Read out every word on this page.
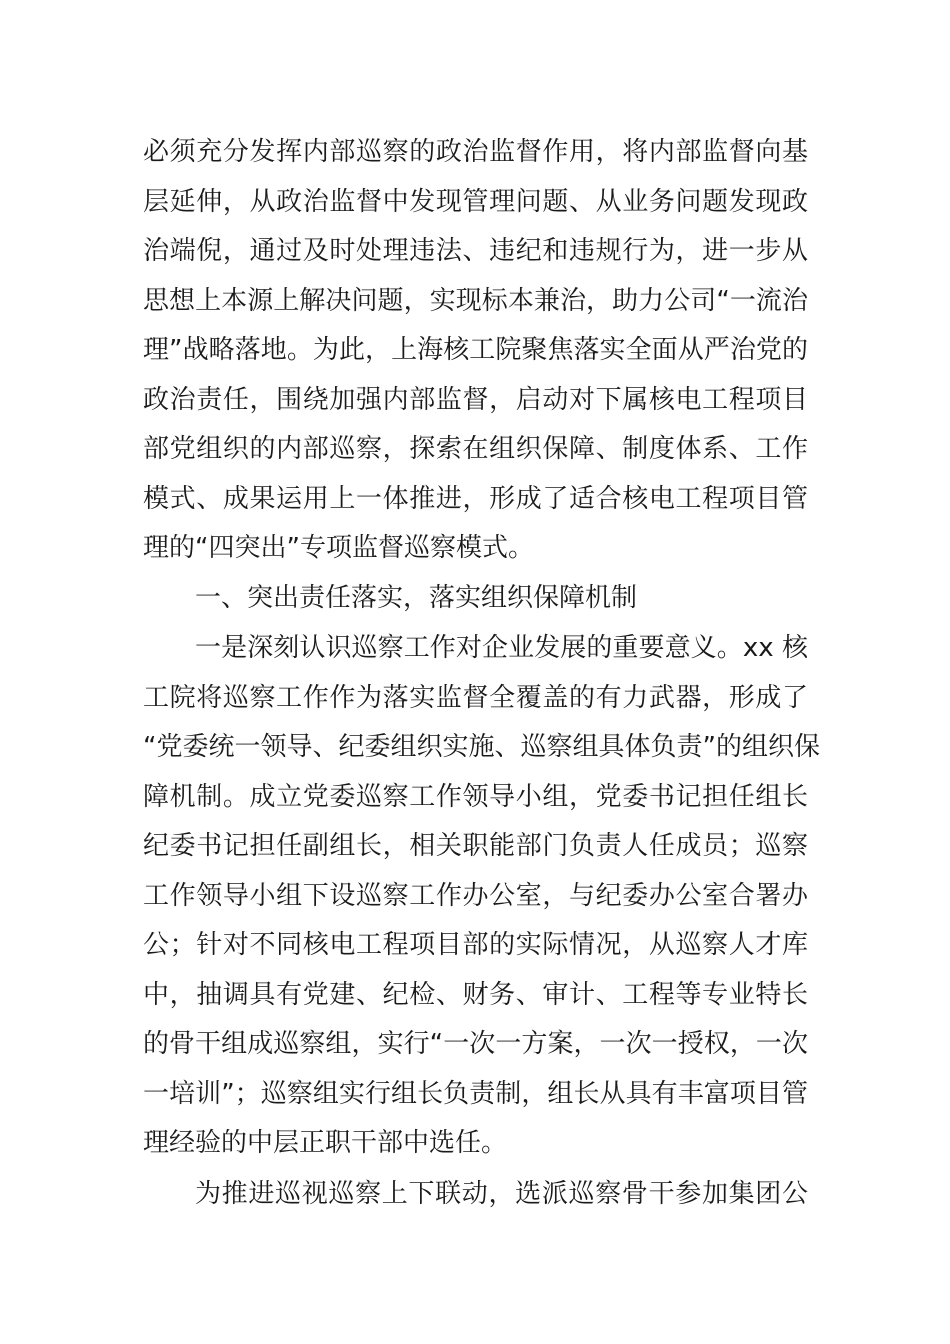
必须充分发挥内部巡察的政治监督作用，将内部监督向基
层延伸，从政治监督中发现管理问题、从业务问题发现政
治端倪，通过及时处理违法、违纪和违规行为，进一步从
思想上本源上解决问题，实现标本兼治，助力公司“一流治
理”战略落地。为此，上海核工院聚焦落实全面从严治党的
政治责任，围绕加强内部监督，启动对下属核电工程项目
部党组织的内部巡察，探索在组织保障、制度体系、工作
模式、成果运用上一体推进，形成了适合核电工程项目管
理的“四突出”专项监督巡察模式。
一、突出责任落实，落实组织保障机制
一是深刻认识巡察工作对企业发展的重要意义。xx 核
工院将巡察工作作为落实监督全覆盖的有力武器，形成了
“党委统一领导、纪委组织实施、巡察组具体负责”的组织保
障机制。成立党委巡察工作领导小组，党委书记担任组长
纪委书记担任副组长，相关职能部门负责人任成员；巡察
工作领导小组下设巡察工作办公室，与纪委办公室合署办
公；针对不同核电工程项目部的实际情况，从巡察人才库
中，抽调具有党建、纪检、财务、审计、工程等专业特长
的骨干组成巡察组，实行“一次一方案，一次一授权，一次
一培训”；巡察组实行组长负责制，组长从具有丰富项目管
理经验的中层正职干部中选任。
为推进巡视巡察上下联动，选派巡察骨干参加集团公
